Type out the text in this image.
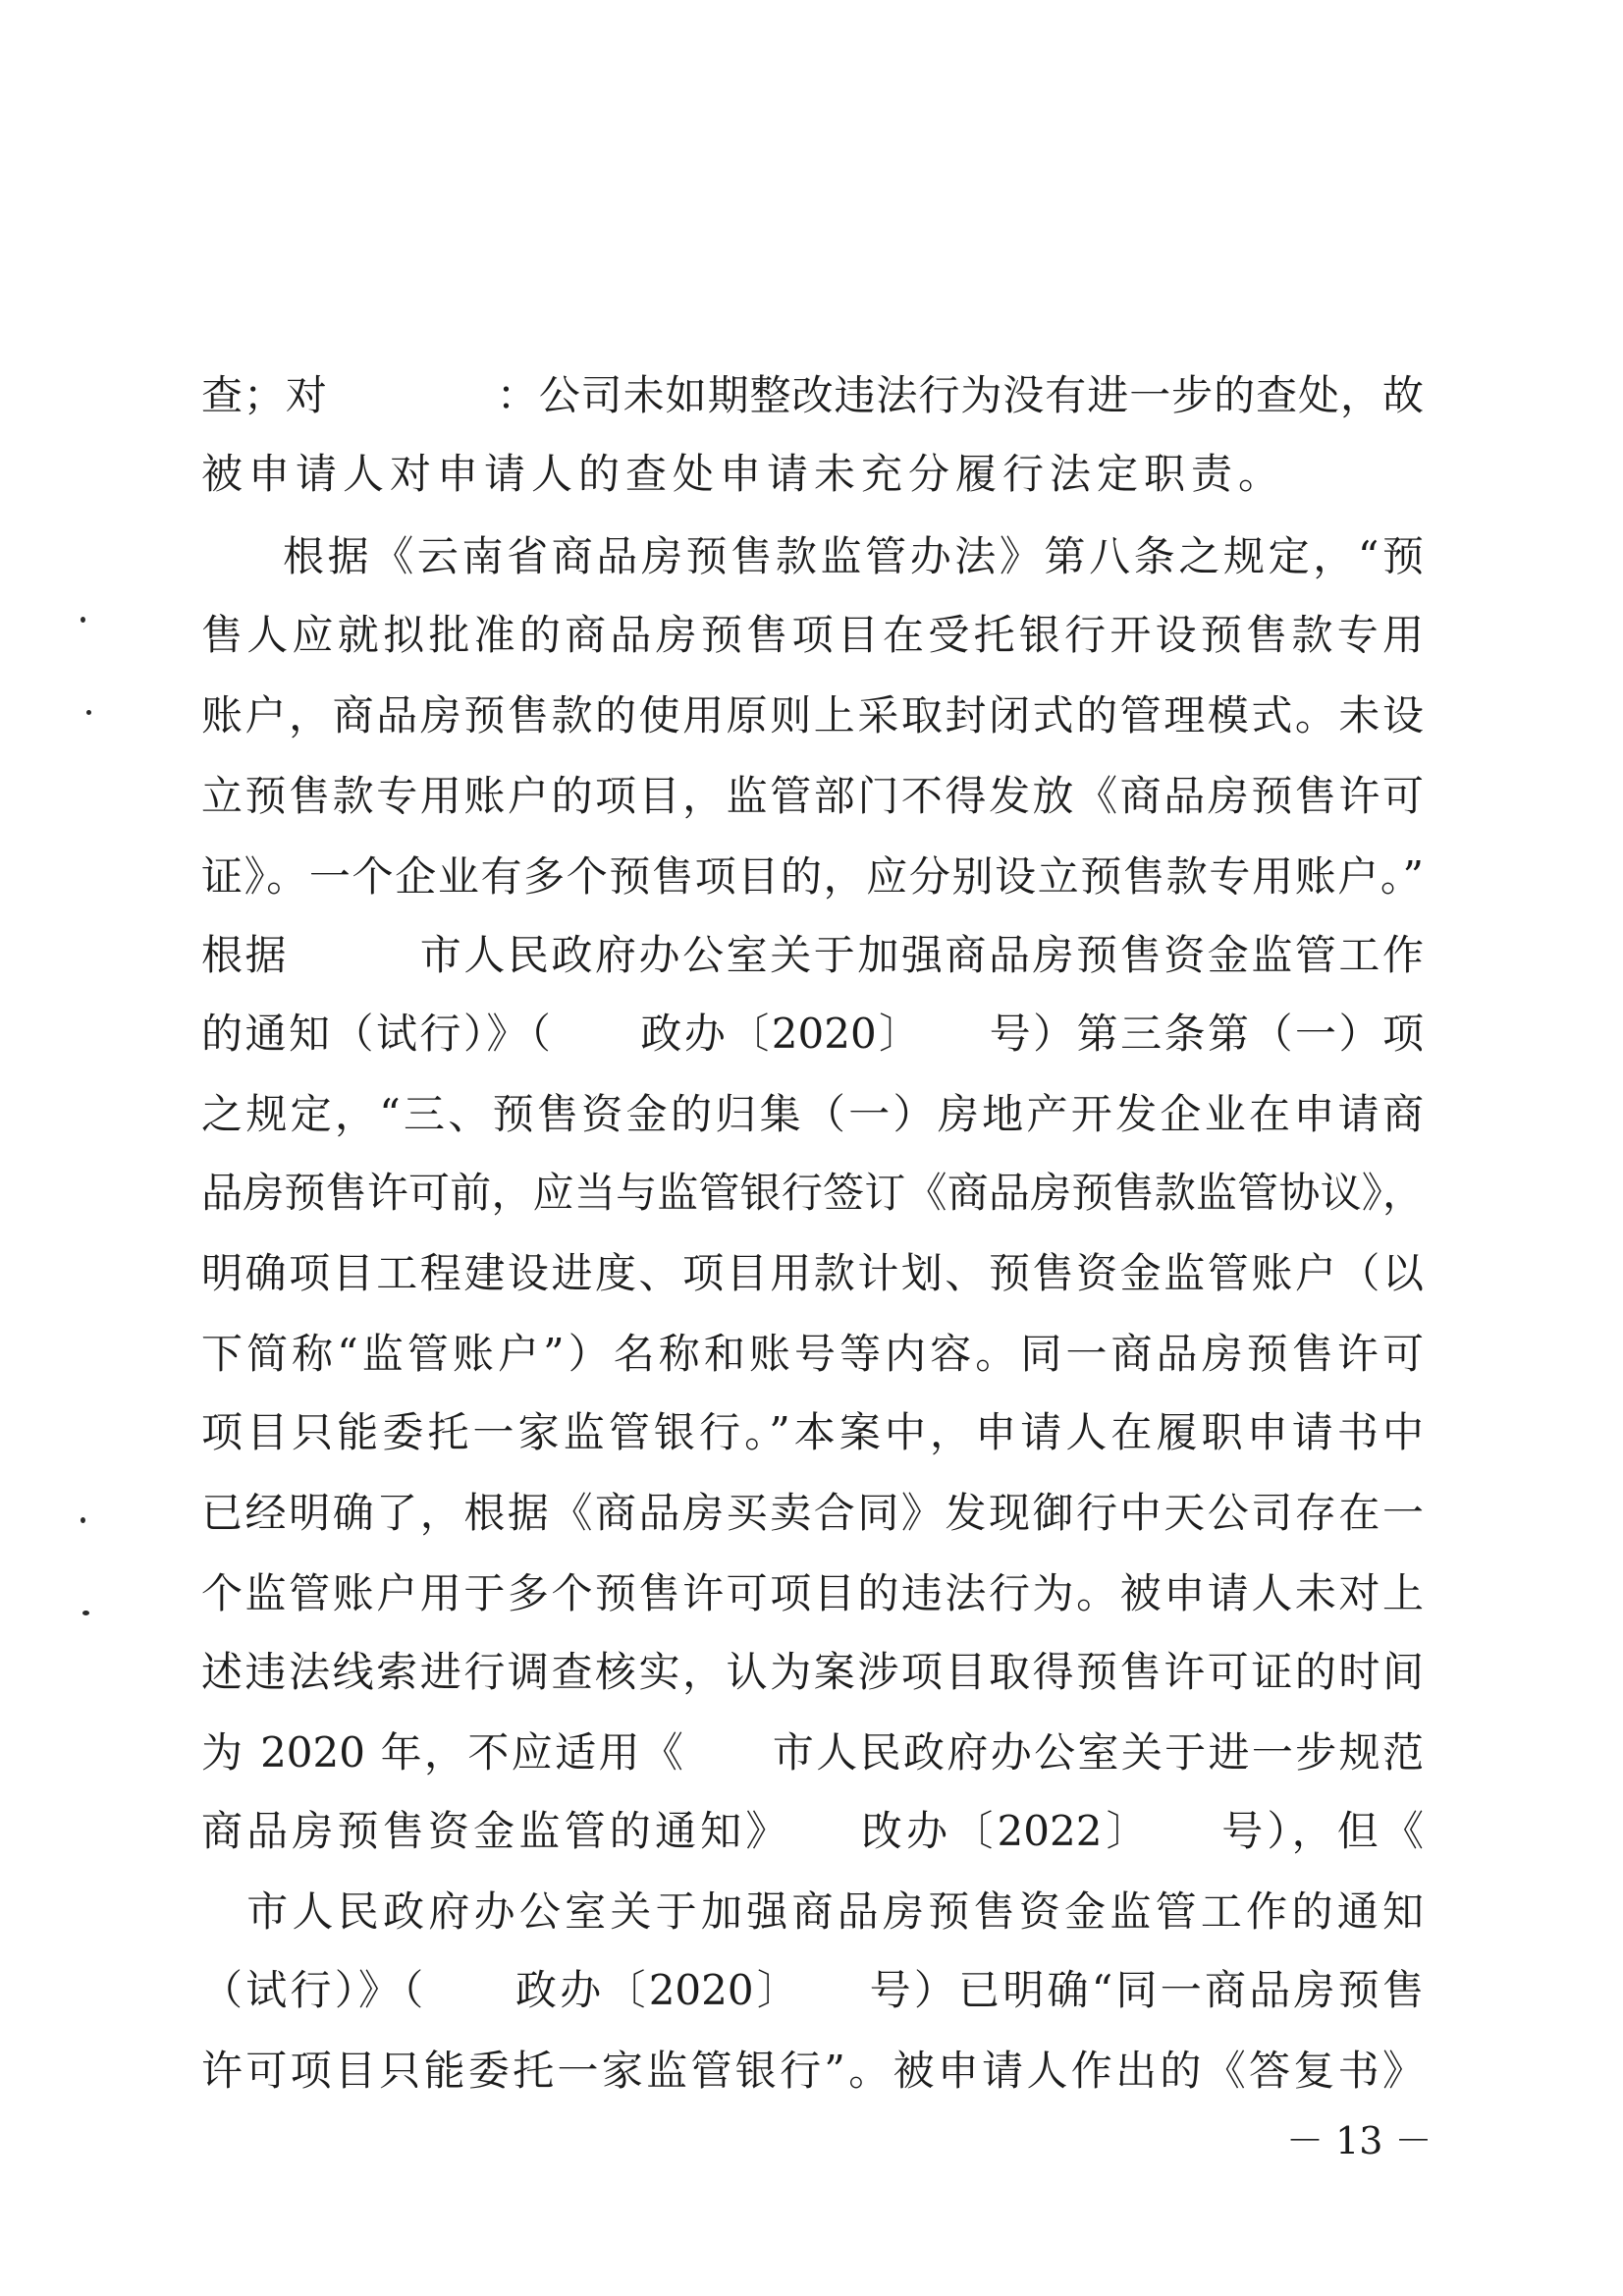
查；对　　　　：公司未如期整改违法行为没有进一步的查处，故
被申请人对申请人的查处申请未充分履行法定职责。
根据《云南省商品房预售款监管办法》第八条之规定，“预
售人应就拟批准的商品房预售项目在受托银行开设预售款专用
账户，商品房预售款的使用原则上采取封闭式的管理模式。未设
立预售款专用账户的项目，监管部门不得发放《商品房预售许可
证》。一个企业有多个预售项目的，应分别设立预售款专用账户。”
根据　　　市人民政府办公室关于加强商品房预售资金监管工作
的通知（试行）》（　　政办〔2020〕　　号）第三条第（一）项
之规定，“三、预售资金的归集（一）房地产开发企业在申请商
品房预售许可前，应当与监管银行签订《商品房预售款监管协议》，
明确项目工程建设进度、项目用款计划、预售资金监管账户（以
下简称“监管账户”）名称和账号等内容。同一商品房预售许可
项目只能委托一家监管银行。”本案中，申请人在履职申请书中
已经明确了，根据《商品房买卖合同》发现御行中天公司存在一
个监管账户用于多个预售许可项目的违法行为。被申请人未对上
述违法线索进行调查核实，认为案涉项目取得预售许可证的时间
为 2020 年，不应适用《　　市人民政府办公室关于进一步规范
商品房预售资金监管的通知》　　攺办〔2022〕　　号），但《
　市人民政府办公室关于加强商品房预售资金监管工作的通知
（试行）》（　　政办〔2020〕　　号）已明确“同一商品房预售
许可项目只能委托一家监管银行”。被申请人作出的《答复书》
－ 13 －
